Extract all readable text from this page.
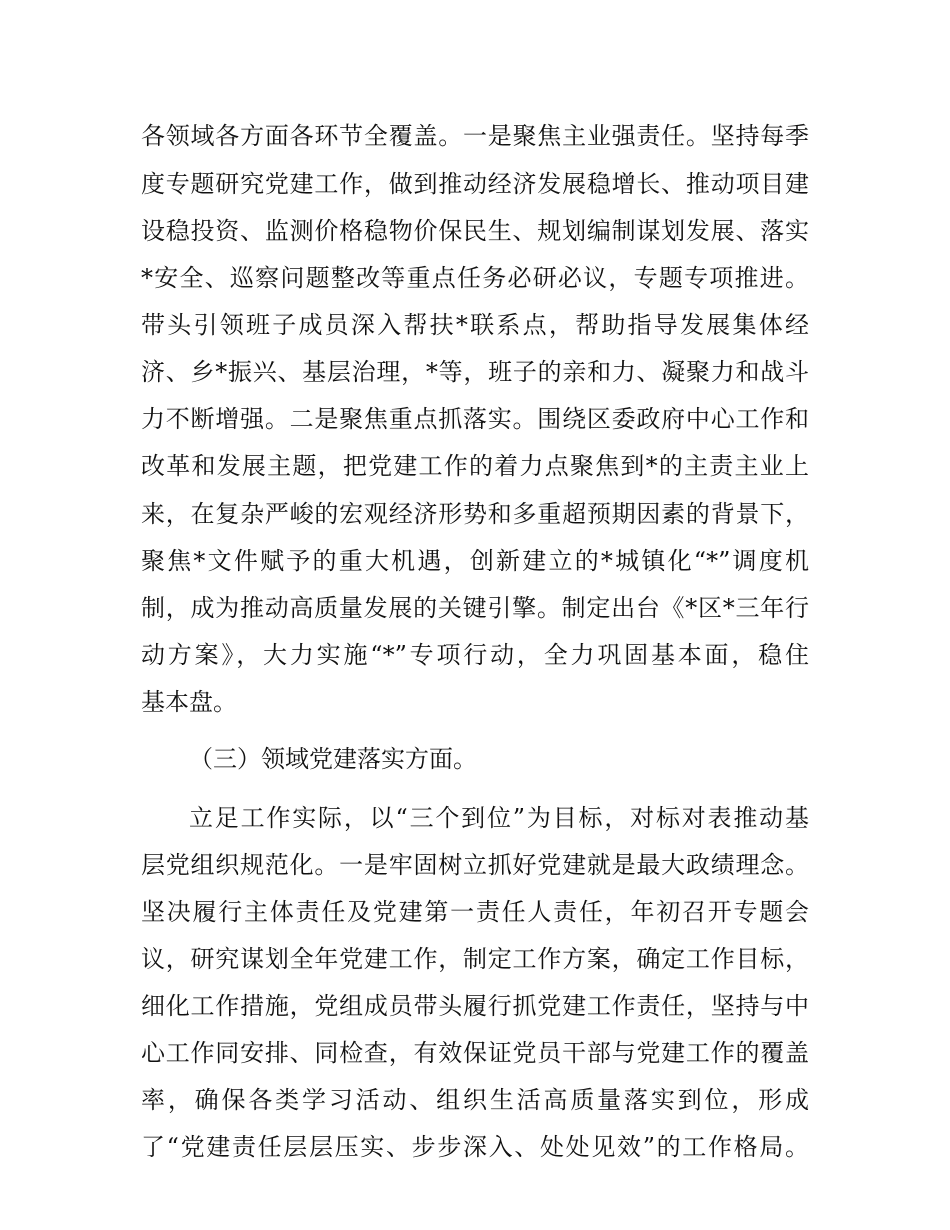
各领域各方面各环节全覆盖。一是聚焦主业强责任。坚持每季

度专题研究党建工作，做到推动经济发展稳增长、推动项目建

设稳投资、监测价格稳物价保民生、规划编制谋划发展、落实

*安全、巡察问题整改等重点任务必研必议，专题专项推进。

带头引领班子成员深入帮扶*联系点，帮助指导发展集体经

济、乡*振兴、基层治理，*等，班子的亲和力、凝聚力和战斗

力不断增强。二是聚焦重点抓落实。围绕区委政府中心工作和

改革和发展主题，把党建工作的着力点聚焦到*的主责主业上

来，在复杂严峻的宏观经济形势和多重超预期因素的背景下，

聚焦*文件赋予的重大机遇，创新建立的*城镇化“*”调度机

制，成为推动高质量发展的关键引擎。制定出台《*区*三年行

动方案》，大力实施“*”专项行动，全力巩固基本面，稳住

基本盘。

（三）领域党建落实方面。

立足工作实际，以“三个到位”为目标，对标对表推动基

层党组织规范化。一是牢固树立抓好党建就是最大政绩理念。

坚决履行主体责任及党建第一责任人责任，年初召开专题会

议，研究谋划全年党建工作，制定工作方案，确定工作目标，

细化工作措施，党组成员带头履行抓党建工作责任，坚持与中

心工作同安排、同检查，有效保证党员干部与党建工作的覆盖

率，确保各类学习活动、组织生活高质量落实到位，形成

了“党建责任层层压实、步步深入、处处见效”的工作格局。
